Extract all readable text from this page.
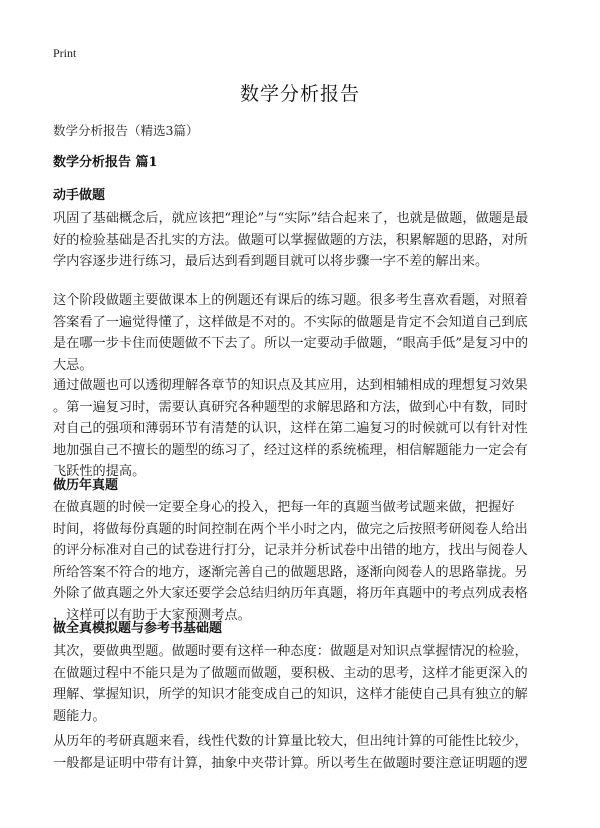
Print
数学分析报告
数学分析报告（精选3篇）
数学分析报告 篇1
动手做题

巩固了基础概念后，就应该把“理论”与“实际”结合起来了，也就是做题，做题是最
好的检验基础是否扎实的方法。做题可以掌握做题的方法，积累解题的思路，对所
学内容逐步进行练习，最后达到看到题目就可以将步骤一字不差的解出来。

这个阶段做题主要做课本上的例题还有课后的练习题。很多考生喜欢看题，对照着
答案看了一遍觉得懂了，这样做是不对的。不实际的做题是肯定不会知道自己到底
是在哪一步卡住而使题做不下去了。所以一定要动手做题，“眼高手低”是复习中的
大忌。

通过做题也可以透彻理解各章节的知识点及其应用，达到相辅相成的理想复习效果
。第一遍复习时，需要认真研究各种题型的求解思路和方法，做到心中有数，同时
对自己的强项和薄弱环节有清楚的认识，这样在第二遍复习的时候就可以有针对性
地加强自己不擅长的题型的练习了，经过这样的系统梳理，相信解题能力一定会有
飞跃性的提高。

做历年真题

在做真题的时候一定要全身心的投入，把每一年的真题当做考试题来做，把握好
时间，将做每份真题的时间控制在两个半小时之内，做完之后按照考研阅卷人给出
的评分标准对自己的试卷进行打分，记录并分析试卷中出错的地方，找出与阅卷人
所给答案不符合的地方，逐渐完善自己的做题思路，逐渐向阅卷人的思路靠拢。另
外除了做真题之外大家还要学会总结归纳历年真题，将历年真题中的考点列成表格
，这样可以有助于大家预测考点。

做全真模拟题与参考书基础题

其次，要做典型题。做题时要有这样一种态度：做题是对知识点掌握情况的检验，
在做题过程中不能只是为了做题而做题，要积极、主动的思考，这样才能更深入的
理解、掌握知识，所学的知识才能变成自己的知识，这样才能使自己具有独立的解
题能力。

从历年的考研真题来看，线性代数的计算量比较大，但出纯计算的可能性比较少，
一般都是证明中带有计算，抽象中夹带计算。所以考生在做题时要注意证明题的逻
